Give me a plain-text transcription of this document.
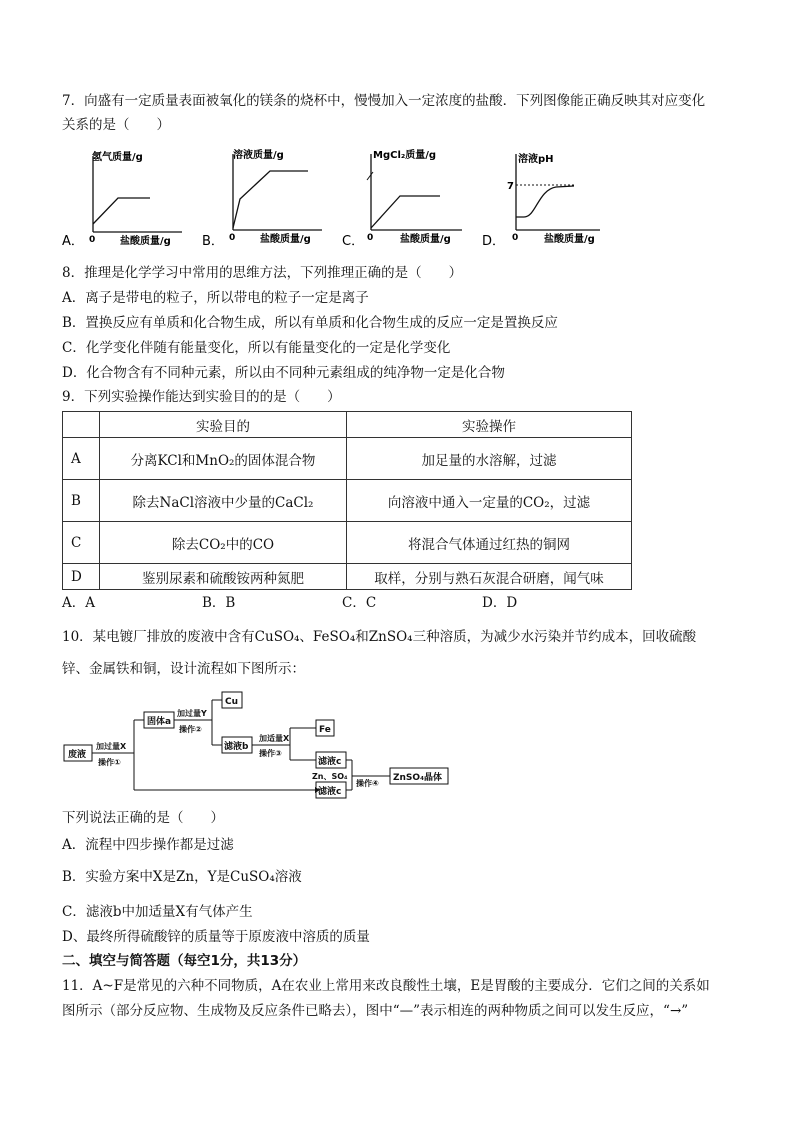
7．向盛有一定质量表面被氧化的镁条的烧杯中，慢慢加入一定浓度的盐酸．下列图像能正确反映其对应变化
关系的是（　　）
A．
氢气质量/g
0 盐酸质量/g B．
溶液质量/g
0 盐酸质量/g C．
MgCl₂质量/g
0	盐酸质量/g D．
溶液pH
7
0	盐酸质量/g
8．推理是化学学习中常用的思维方法，下列推理正确的是（　　）
A．离子是带电的粒子，所以带电的粒子一定是离子
B．置换反应有单质和化合物生成，所以有单质和化合物生成的反应一定是置换反应
C．化学变化伴随有能量变化，所以有能量变化的一定是化学变化
D．化合物含有不同种元素，所以由不同种元素组成的纯净物一定是化合物
9．下列实验操作能达到实验目的的是（　　）
	实验目的	实验操作
A	分离KCl和MnO₂的固体混合物	加足量的水溶解，过滤
B	除去NaCl溶液中少量的CaCl₂	向溶液中通入一定量的CO₂，过滤
C	除去CO₂中的CO	将混合气体通过红热的铜网
D	鉴别尿素和硫酸铵两种氮肥	取样，分别与熟石灰混合研磨，闻气味
A．A	B．B	C．C	D．D
10．某电镀厂排放的废液中含有CuSO₄、FeSO₄和ZnSO₄三种溶质，为减少水污染并节约成本，回收硫酸
锌、金属铁和铜，设计流程如下图所示：
废液
加过量X
操作①
固体a
加过量Y
操作②
Cu
滤液b
加适量X
操作③
Fe
滤液c
Zn、SO₄
滤液c
操作④
ZnSO₄晶体
下列说法正确的是（　　）
A．流程中四步操作都是过滤
B．实验方案中X是Zn，Y是CuSO₄溶液
C．滤液b中加适量X有气体产生
D、最终所得硫酸锌的质量等于原废液中溶质的质量
二、填空与简答题（每空1分，共13分）
11．A~F是常见的六种不同物质，A在农业上常用来改良酸性土壤，E是胃酸的主要成分．它们之间的关系如
图所示（部分反应物、生成物及反应条件已略去），图中“—”表示相连的两种物质之间可以发生反应，“→”
